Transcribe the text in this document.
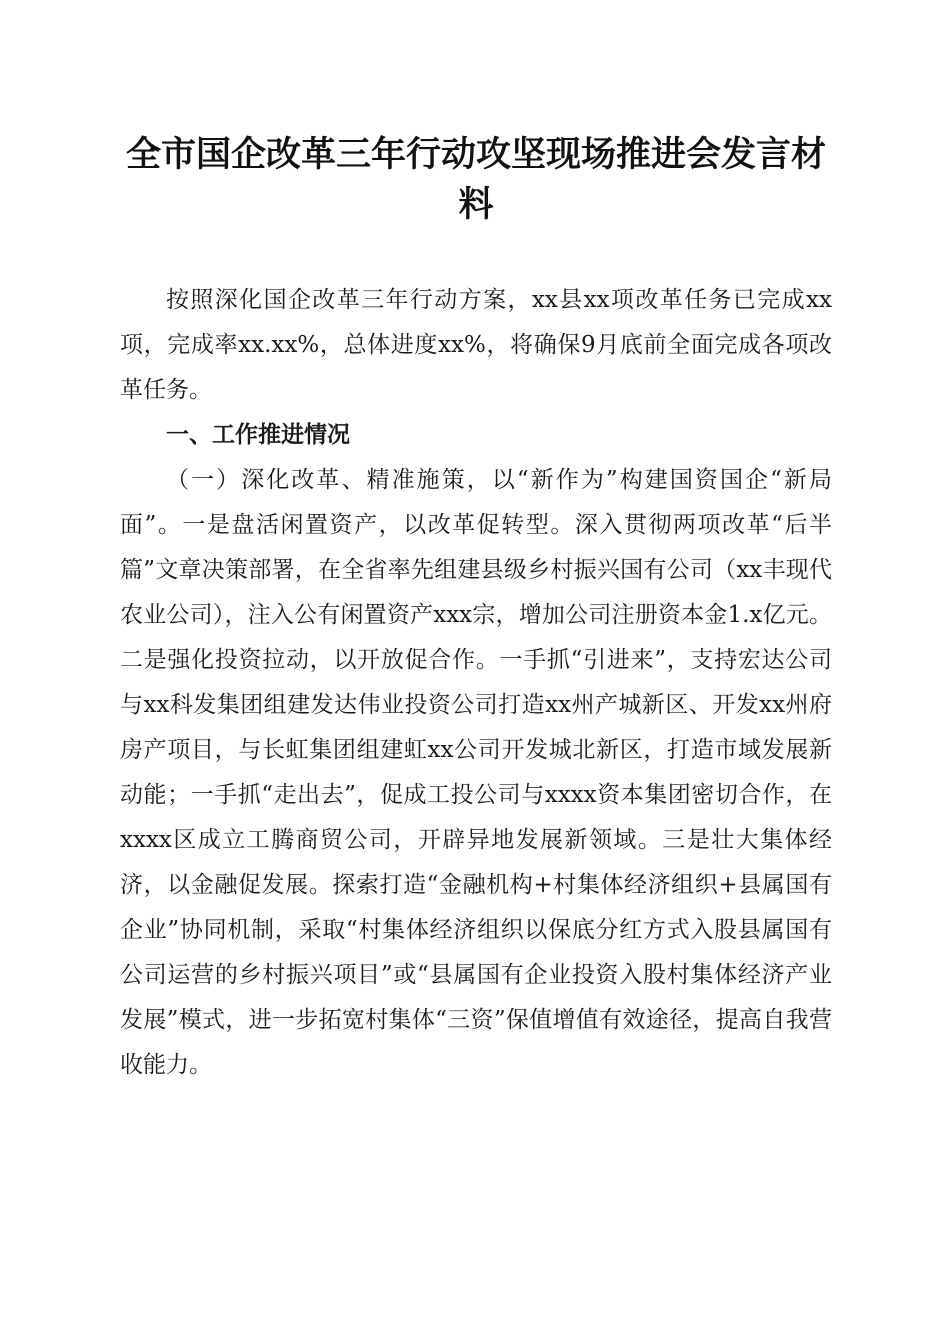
全市国企改革三年行动攻坚现场推进会发言材料

按照深化国企改革三年行动方案，xx县xx项改革任务已完成xx项，完成率xx.xx%，总体进度xx%，将确保9月底前全面完成各项改革任务。

一、工作推进情况

（一）深化改革、精准施策，以“新作为”构建国资国企“新局面”。一是盘活闲置资产，以改革促转型。深入贯彻两项改革“后半篇”文章决策部署，在全省率先组建县级乡村振兴国有公司（xx丰现代农业公司），注入公有闲置资产xxx宗，增加公司注册资本金1.x亿元。二是强化投资拉动，以开放促合作。一手抓“引进来”，支持宏达公司与xx科发集团组建发达伟业投资公司打造xx州产城新区、开发xx州府房产项目，与长虹集团组建虹xx公司开发城北新区，打造市域发展新动能；一手抓“走出去”，促成工投公司与xxxx资本集团密切合作，在xxxx区成立工腾商贸公司，开辟异地发展新领域。三是壮大集体经济，以金融促发展。探索打造“金融机构+村集体经济组织+县属国有企业”协同机制，采取“村集体经济组织以保底分红方式入股县属国有公司运营的乡村振兴项目”或“县属国有企业投资入股村集体经济产业发展”模式，进一步拓宽村集体“三资”保值增值有效途径，提高自我营收能力。
